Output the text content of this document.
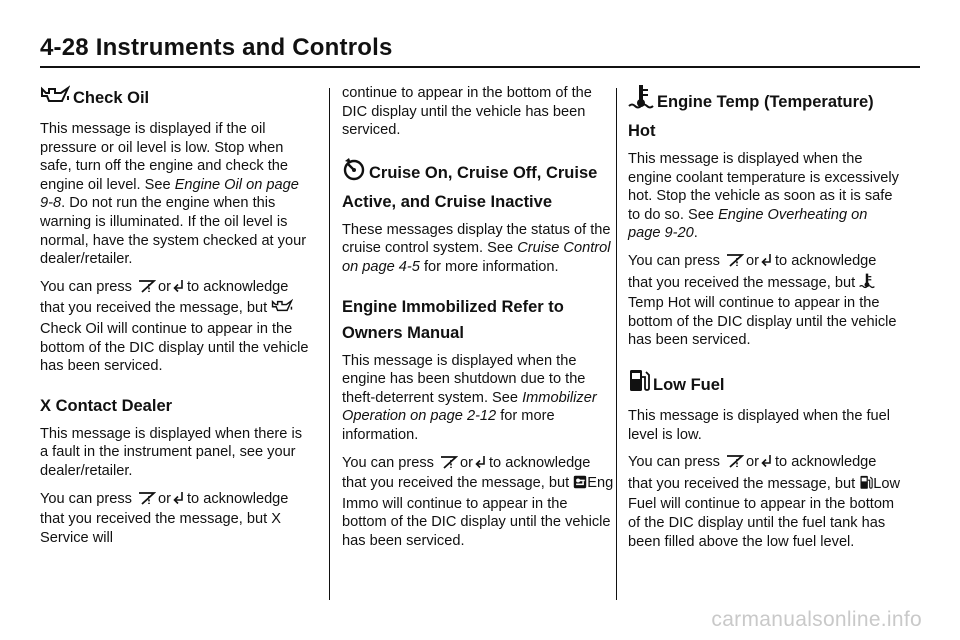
4-28 Instruments and Controls
Check Oil

This message is displayed if the oil pressure or oil level is low. Stop when safe, turn off the engine and check the engine oil level. See Engine Oil on page 9-8. Do not run the engine when this warning is illuminated. If the oil level is normal, have the system checked at your dealer/retailer.

You can press or to acknowledge that you received the message, but Check Oil will continue to appear in the bottom of the DIC display until the vehicle has been serviced.

X Contact Dealer

This message is displayed when there is a fault in the instrument panel, see your dealer/retailer.

You can press or to acknowledge that you received the message, but X Service will

continue to appear in the bottom of the DIC display until the vehicle has been serviced.

Cruise On, Cruise Off, Cruise Active, and Cruise Inactive

These messages display the status of the cruise control system. See Cruise Control on page 4-5 for more information.

Engine Immobilized Refer to Owners Manual

This message is displayed when the engine has been shutdown due to the theft-deterrent system. See Immobilizer Operation on page 2-12 for more information.

You can press or to acknowledge that you received the message, but Eng Immo will continue to appear in the bottom of the DIC display until the vehicle has been serviced.

Engine Temp (Temperature) Hot

This message is displayed when the engine coolant temperature is excessively hot. Stop the vehicle as soon as it is safe to do so. See Engine Overheating on page 9-20.

You can press or to acknowledge that you received the message, but Temp Hot will continue to appear in the bottom of the DIC display until the vehicle has been serviced.

Low Fuel

This message is displayed when the fuel level is low.

You can press or to acknowledge that you received the message, but Low Fuel will continue to appear in the bottom of the DIC display until the fuel tank has been filled above the low fuel level.

carmanualsonline.info
